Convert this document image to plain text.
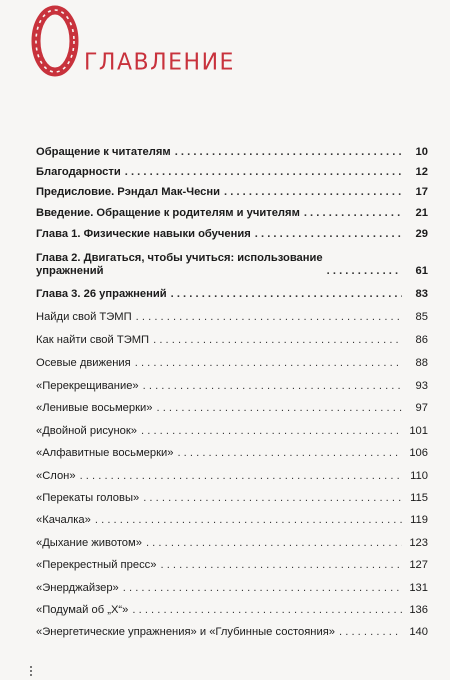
ГЛАВЛЕНИЕ
Обращение к читателям . . .	10
Благодарности . . .	12
Предисловие. Рэндал Мак-Чесни . . .	17
Введение. Обращение к родителям и учителям . . .	21
Глава 1. Физические навыки обучения . . .	29
Глава 2. Двигаться, чтобы учиться: использование
упражнений . . .	61
Глава 3. 26 упражнений . . .	83
Найди свой ТЭМП . . .	85
Как найти свой ТЭМП . . .	86
Осевые движения . . .	88
«Перекрещивание» . . .	93
«Ленивые восьмерки» . . .	97
«Двойной рисунок» . . .	101
«Алфавитные восьмерки» . . .	106
«Слон» . . .	110
«Перекаты головы» . . .	115
«Качалка» . . .	119
«Дыхание животом» . . .	123
«Перекрестный пресс» . . .	127
«Энерджайзер» . . .	131
«Подумай об „Х“» . . .	136
«Энергетические упражнения» и «Глубинные состояния» . . .	140
